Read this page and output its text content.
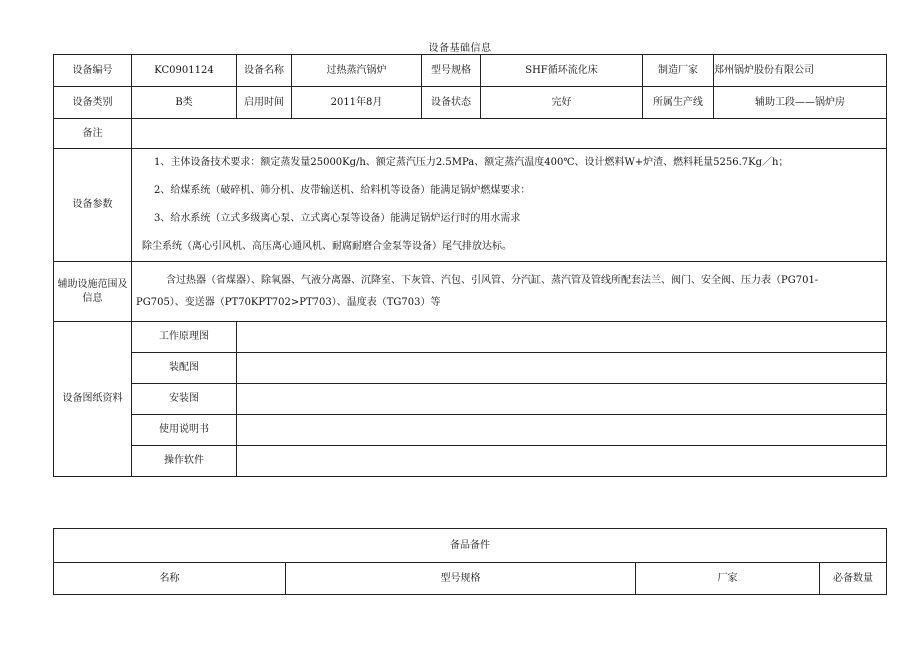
设备基础信息
设备编号	KC0901124	设备名称	过热蒸汽锅炉	型号规格	SHF循环流化床	制造厂家	郑州锅炉股份有限公司
设备类别	B类	启用时间	2011年8月	设备状态	完好	所属生产线	辅助工段——锅炉房
备注							
设备参数	1、主体设备技术要求：额定蒸发量25000Kg/h、额定蒸汽压力2.5MPa、额定蒸汽温度400℃、设计燃料W+炉渣、燃料耗量5256.7Kg／h；
2、给煤系统（破碎机、筛分机、皮带输送机、给料机等设备）能满足锅炉燃煤要求：
3、给水系统（立式多级离心泵、立式离心泵等设备）能满足锅炉运行时的用水需求
除尘系统（离心引风机、高压离心通风机、耐腐耐磨合金泵等设备）尾气排放达标。						

辅助设施范围及信息	含过热器（省煤器）、除氧器、气液分离器、沉降室、下灰管、汽包、引风管、分汽缸、蒸汽管及管线所配套法兰、阀门、安全阀、压力表（PG701-
PG705）、变送器（PT70KPT702>PT703）、温度表（TG703）等						

设备图纸资料	工作原理图						
	装配图						
	安装图						
	使用说明书						
	操作软件						
备品备件
名称	型号规格	厂家	必备数量
